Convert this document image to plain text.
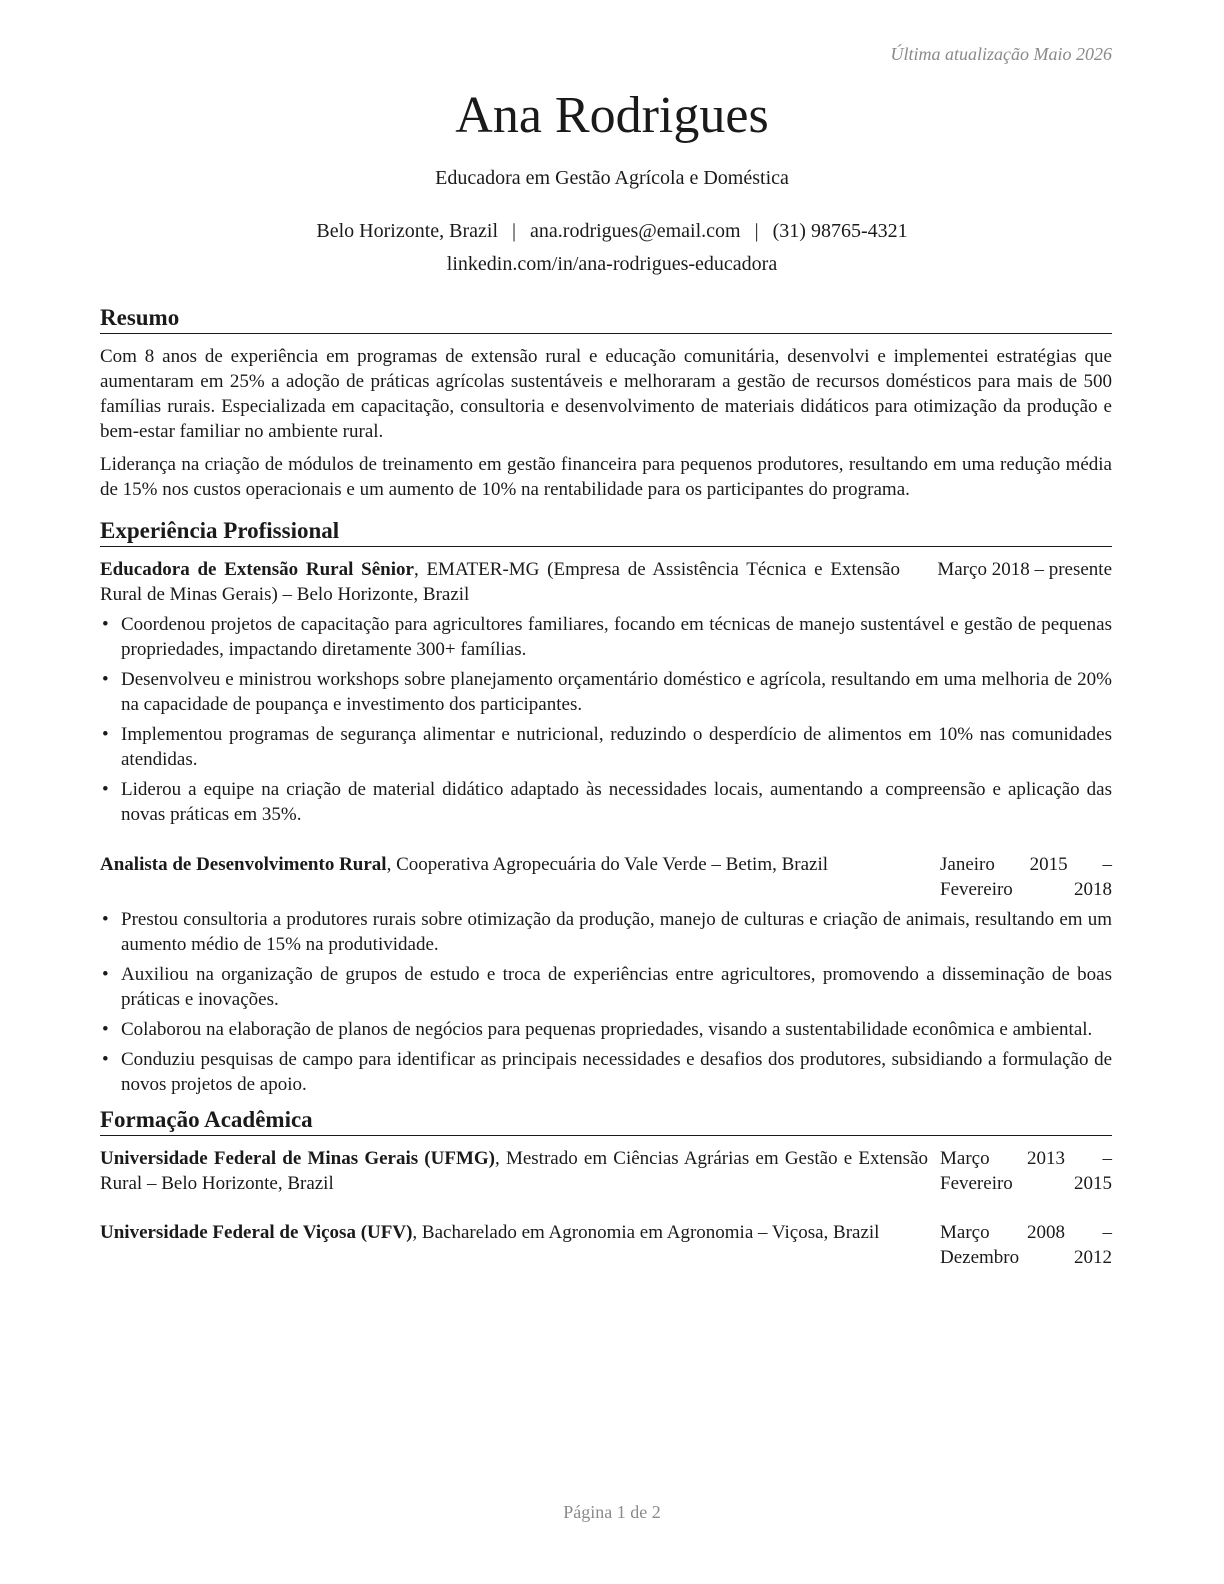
Última atualização Maio 2026
Ana Rodrigues
Educadora em Gestão Agrícola e Doméstica
Belo Horizonte, Brazil | ana.rodrigues@email.com | (31) 98765-4321
linkedin.com/in/ana-rodrigues-educadora
Resumo

Com 8 anos de experiência em programas de extensão rural e educação comunitária, desenvolvi e implementei estratégias que aumentaram em 25% a adoção de práticas agrícolas sustentáveis e melhoraram a gestão de recursos domésticos para mais de 500 famílias rurais. Especializada em capacitação, consultoria e desenvolvimento de materiais didáticos para otimização da produção e bem-estar familiar no ambiente rural.

Liderança na criação de módulos de treinamento em gestão financeira para pequenos produtores, resultando em uma redução média de 15% nos custos operacionais e um aumento de 10% na rentabilidade para os participantes do programa.

Experiência Profissional
Educadora de Extensão Rural Sênior, EMATER-MG (Empresa de Assistência Técnica e Extensão Rural de Minas Gerais) – Belo Horizonte, Brazil
Março 2018 – presente
• Coordenou projetos de capacitação para agricultores familiares, focando em técnicas de manejo sustentável e gestão de pequenas propriedades, impactando diretamente 300+ famílias.
• Desenvolveu e ministrou workshops sobre planejamento orçamentário doméstico e agrícola, resultando em uma melhoria de 20% na capacidade de poupança e investimento dos participantes.
• Implementou programas de segurança alimentar e nutricional, reduzindo o desperdício de alimentos em 10% nas comunidades atendidas.
• Liderou a equipe na criação de material didático adaptado às necessidades locais, aumentando a compreensão e aplicação das novas práticas em 35%.
Analista de Desenvolvimento Rural, Cooperativa Agropecuária do Vale Verde – Betim, Brazil	Janeiro 2015 – Fevereiro 2018
• Prestou consultoria a produtores rurais sobre otimização da produção, manejo de culturas e criação de animais, resultando em um aumento médio de 15% na produtividade.
• Auxiliou na organização de grupos de estudo e troca de experiências entre agricultores, promovendo a disseminação de boas práticas e inovações.
• Colaborou na elaboração de planos de negócios para pequenas propriedades, visando a sustentabilidade econômica e ambiental.
• Conduziu pesquisas de campo para identificar as principais necessidades e desafios dos produtores, subsidiando a formulação de novos projetos de apoio.
Formação Acadêmica
Universidade Federal de Minas Gerais (UFMG), Mestrado em Ciências Agrárias em Gestão e Extensão Rural – Belo Horizonte, Brazil
Março 2013 – Fevereiro 2015
Universidade Federal de Viçosa (UFV), Bacharelado em Agronomia em Agronomia – Viçosa, Brazil	Março 2008 – Dezembro 2012
Página 1 de 2
